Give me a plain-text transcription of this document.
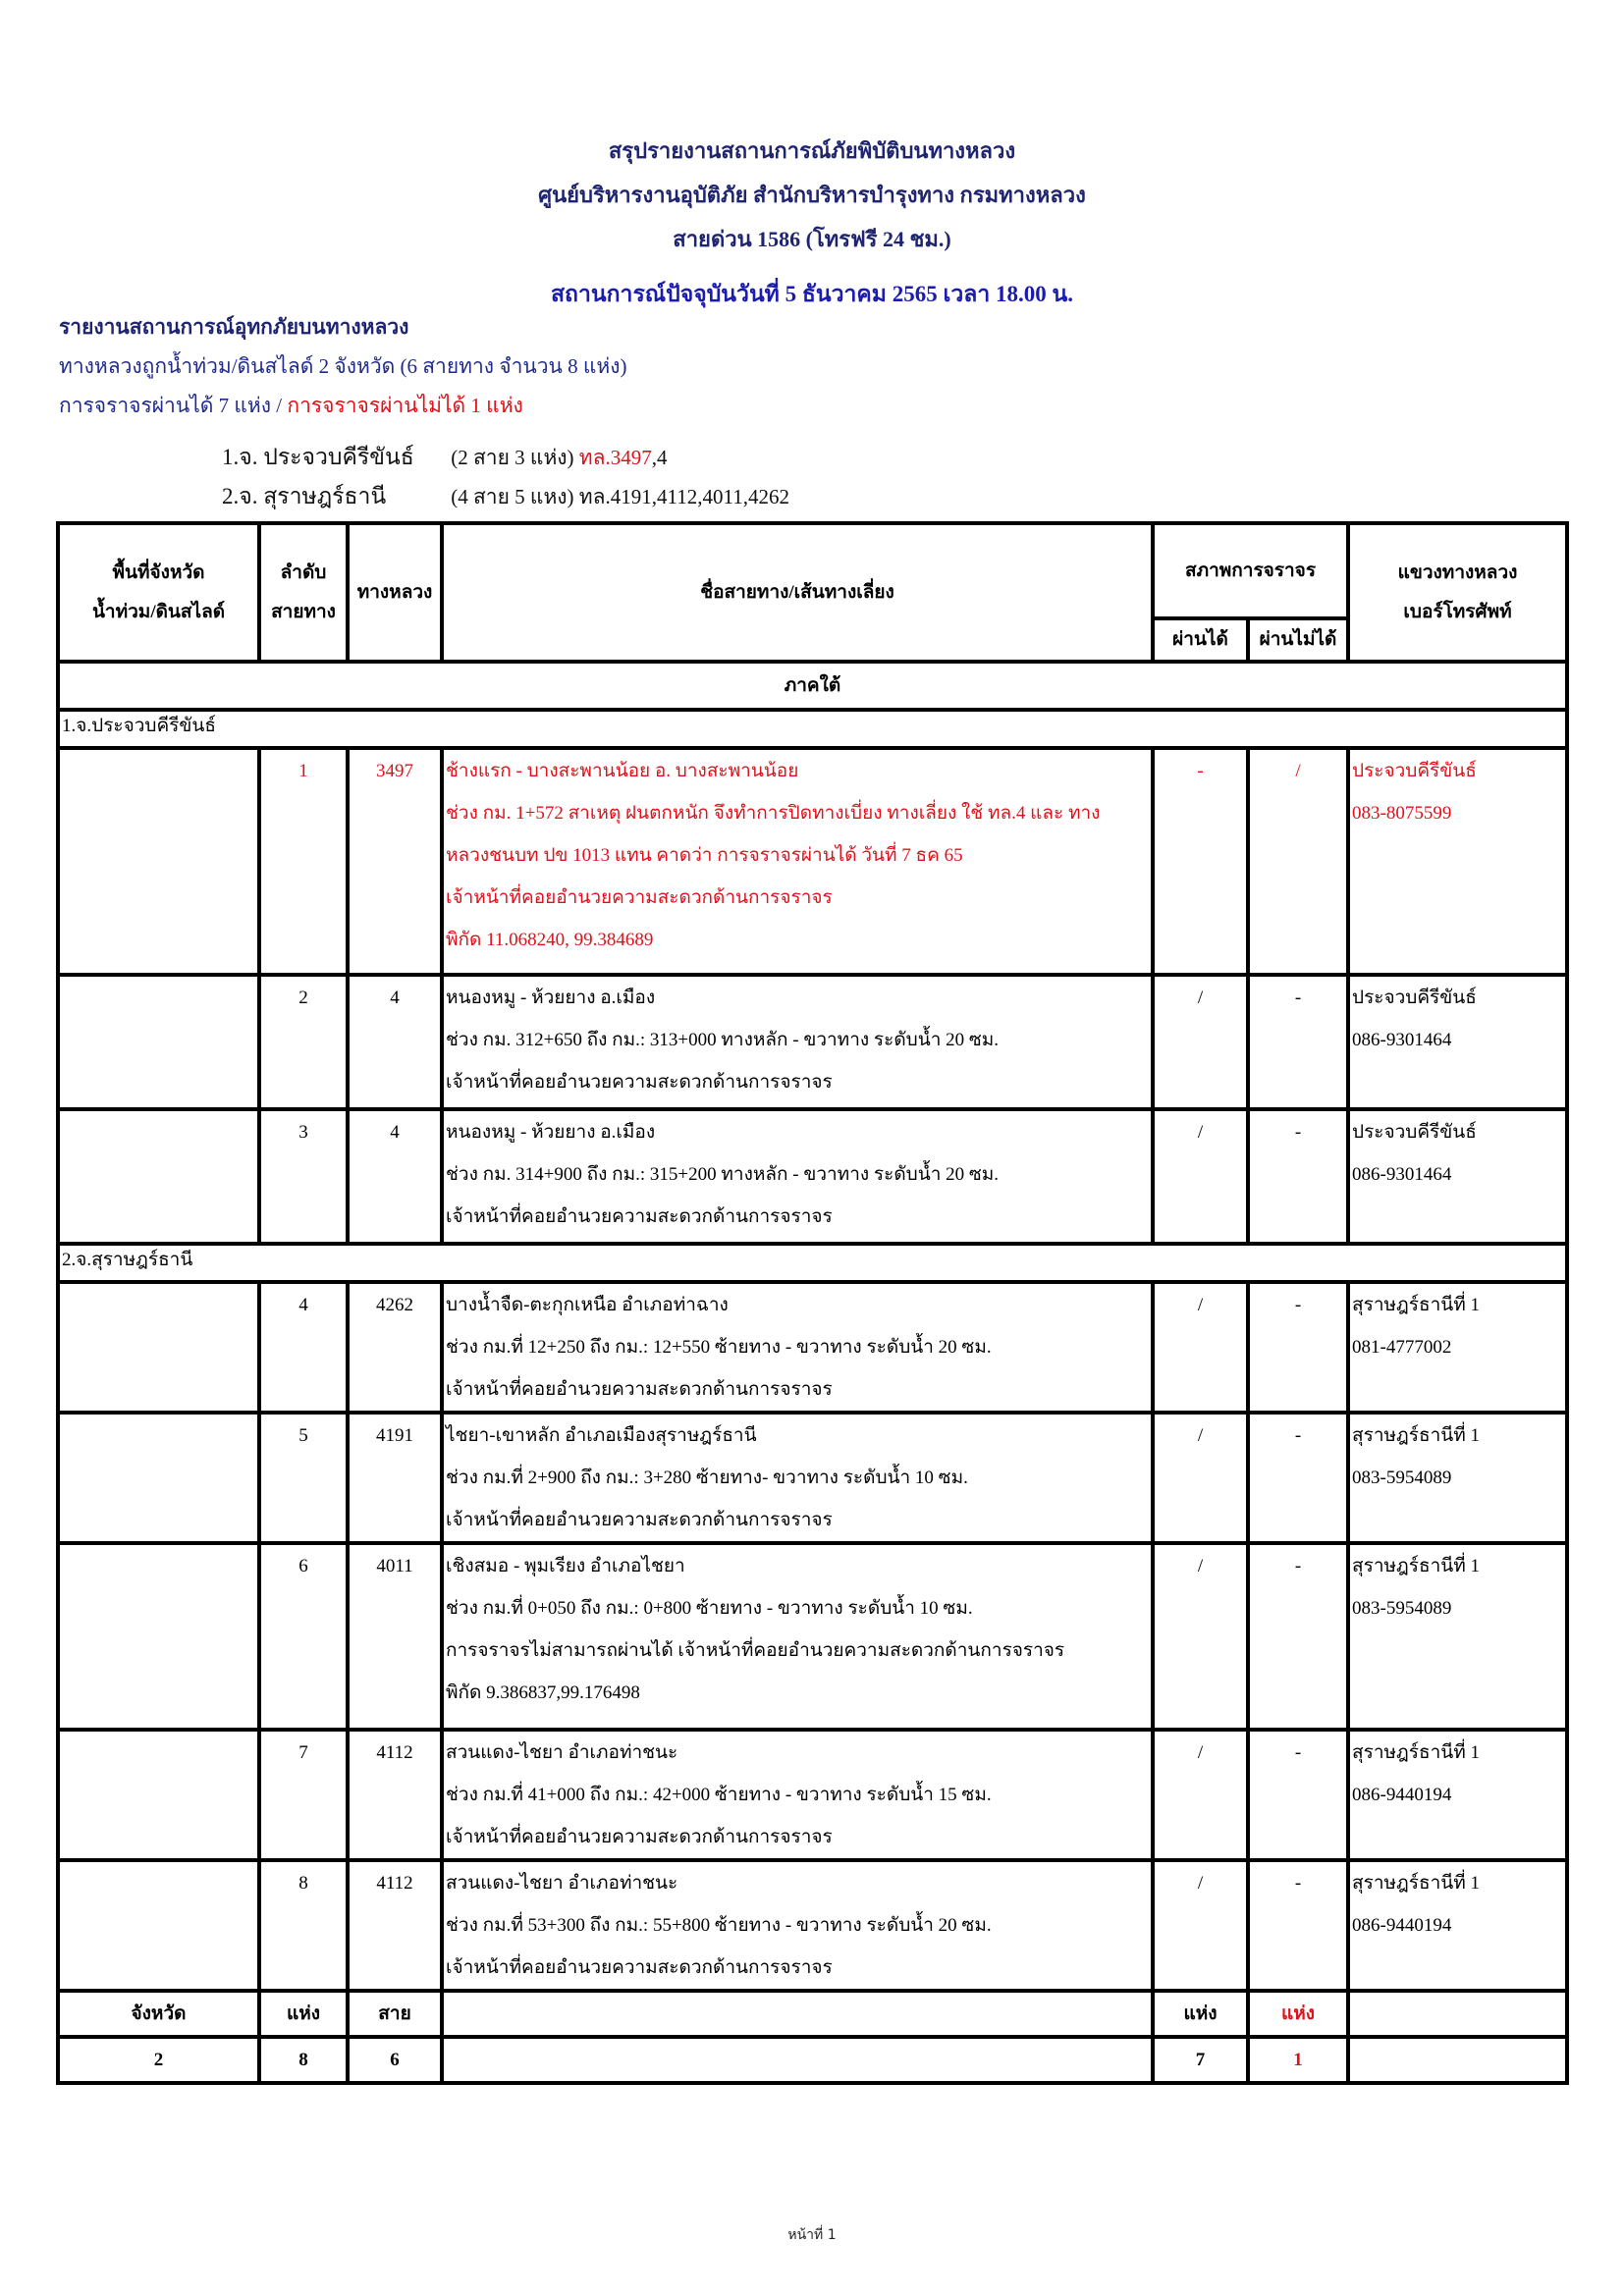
สรุปรายงานสถานการณ์ภัยพิบัติบนทางหลวง
ศูนย์บริหารงานอุบัติภัย สำนักบริหารบำรุงทาง กรมทางหลวง
สายด่วน 1586 (โทรฟรี 24 ชม.)
สถานการณ์ปัจจุบันวันที่ 5 ธันวาคม 2565 เวลา 18.00 น.
รายงานสถานการณ์อุทกภัยบนทางหลวง
ทางหลวงถูกน้ำท่วม/ดินสไลด์ 2 จังหวัด (6 สายทาง จำนวน 8 แห่ง)
การจราจรผ่านได้ 7 แห่ง / การจราจรผ่านไม่ได้ 1 แห่ง
1.จ. ประจวบคีรีขันธ์ (2 สาย 3 แห่ง) ทล.3497,4
2.จ. สุราษฎร์ธานี	(4 สาย 5 แหง) ทล.4191,4112,4011,4262
พื้นที่จังหวัด
น้ำท่วม/ดินสไลด์

ลำดับ
สายทาง
	ทางหลวง	ชื่อสายทาง/เส้นทางเลี่ยง	สภาพการจราจร	แขวงทางหลวง
เบอร์โทรศัพท์

				ผ่านได้	ผ่านไม่ได้	
ภาคใต้						
1.จ.ประจวบคีรีขันธ์						
	1	3497	ช้างแรก - บางสะพานน้อย อ. บางสะพานน้อย
ช่วง กม. 1+572 สาเหตุ ฝนตกหนัก จึงทำการปิดทางเบี่ยง ทางเลี่ยง ใช้ ทล.4 และ ทาง
หลวงชนบท ปข 1013 แทน คาดว่า การจราจรผ่านได้ วันที่ 7 ธค 65
เจ้าหน้าที่คอยอำนวยความสะดวกด้านการจราจร
พิกัด 11.068240, 99.384689
	-	/	ประจวบคีรีขันธ์
083-8075599

	2	4	หนองหมู - ห้วยยาง อ.เมือง
ช่วง กม. 312+650 ถึง กม.: 313+000 ทางหลัก - ขวาทาง ระดับน้ำ 20 ซม.
เจ้าหน้าที่คอยอำนวยความสะดวกด้านการจราจร
	/	-	ประจวบคีรีขันธ์
086-9301464

	3	4	หนองหมู - ห้วยยาง อ.เมือง
ช่วง กม. 314+900 ถึง กม.: 315+200 ทางหลัก - ขวาทาง ระดับน้ำ 20 ซม.
เจ้าหน้าที่คอยอำนวยความสะดวกด้านการจราจร
	/	-	ประจวบคีรีขันธ์
086-9301464

2.จ.สุราษฎร์ธานี						
	4	4262	บางน้ำจืด-ตะกุกเหนือ อำเภอท่าฉาง
ช่วง กม.ที่ 12+250 ถึง กม.: 12+550 ซ้ายทาง - ขวาทาง ระดับน้ำ 20 ซม.
เจ้าหน้าที่คอยอำนวยความสะดวกด้านการจราจร
	/	-	สุราษฎร์ธานีที่ 1
081-4777002

	5	4191	ไชยา-เขาหลัก อำเภอเมืองสุราษฎร์ธานี
ช่วง กม.ที่ 2+900 ถึง กม.: 3+280 ซ้ายทาง- ขวาทาง ระดับน้ำ 10 ซม.
เจ้าหน้าที่คอยอำนวยความสะดวกด้านการจราจร
	/	-	สุราษฎร์ธานีที่ 1
083-5954089

	6	4011	เชิงสมอ - พุมเรียง อำเภอไชยา
ช่วง กม.ที่ 0+050 ถึง กม.: 0+800 ซ้ายทาง - ขวาทาง ระดับน้ำ 10 ซม.
การจราจรไม่สามารถผ่านได้ เจ้าหน้าที่คอยอำนวยความสะดวกด้านการจราจร
พิกัด 9.386837,99.176498
	/	-	สุราษฎร์ธานีที่ 1
083-5954089

	7	4112	สวนแดง-ไชยา อำเภอท่าชนะ
ช่วง กม.ที่ 41+000 ถึง กม.: 42+000 ซ้ายทาง - ขวาทาง ระดับน้ำ 15 ซม.
เจ้าหน้าที่คอยอำนวยความสะดวกด้านการจราจร
	/	-	สุราษฎร์ธานีที่ 1
086-9440194

	8	4112	สวนแดง-ไชยา อำเภอท่าชนะ
ช่วง กม.ที่ 53+300 ถึง กม.: 55+800 ซ้ายทาง - ขวาทาง ระดับน้ำ 20 ซม.
เจ้าหน้าที่คอยอำนวยความสะดวกด้านการจราจร
	/	-	สุราษฎร์ธานีที่ 1
086-9440194

จังหวัด	แห่ง	สาย		แห่ง	แห่ง	
2	8	6		7	1	
หน้าที่ 1
